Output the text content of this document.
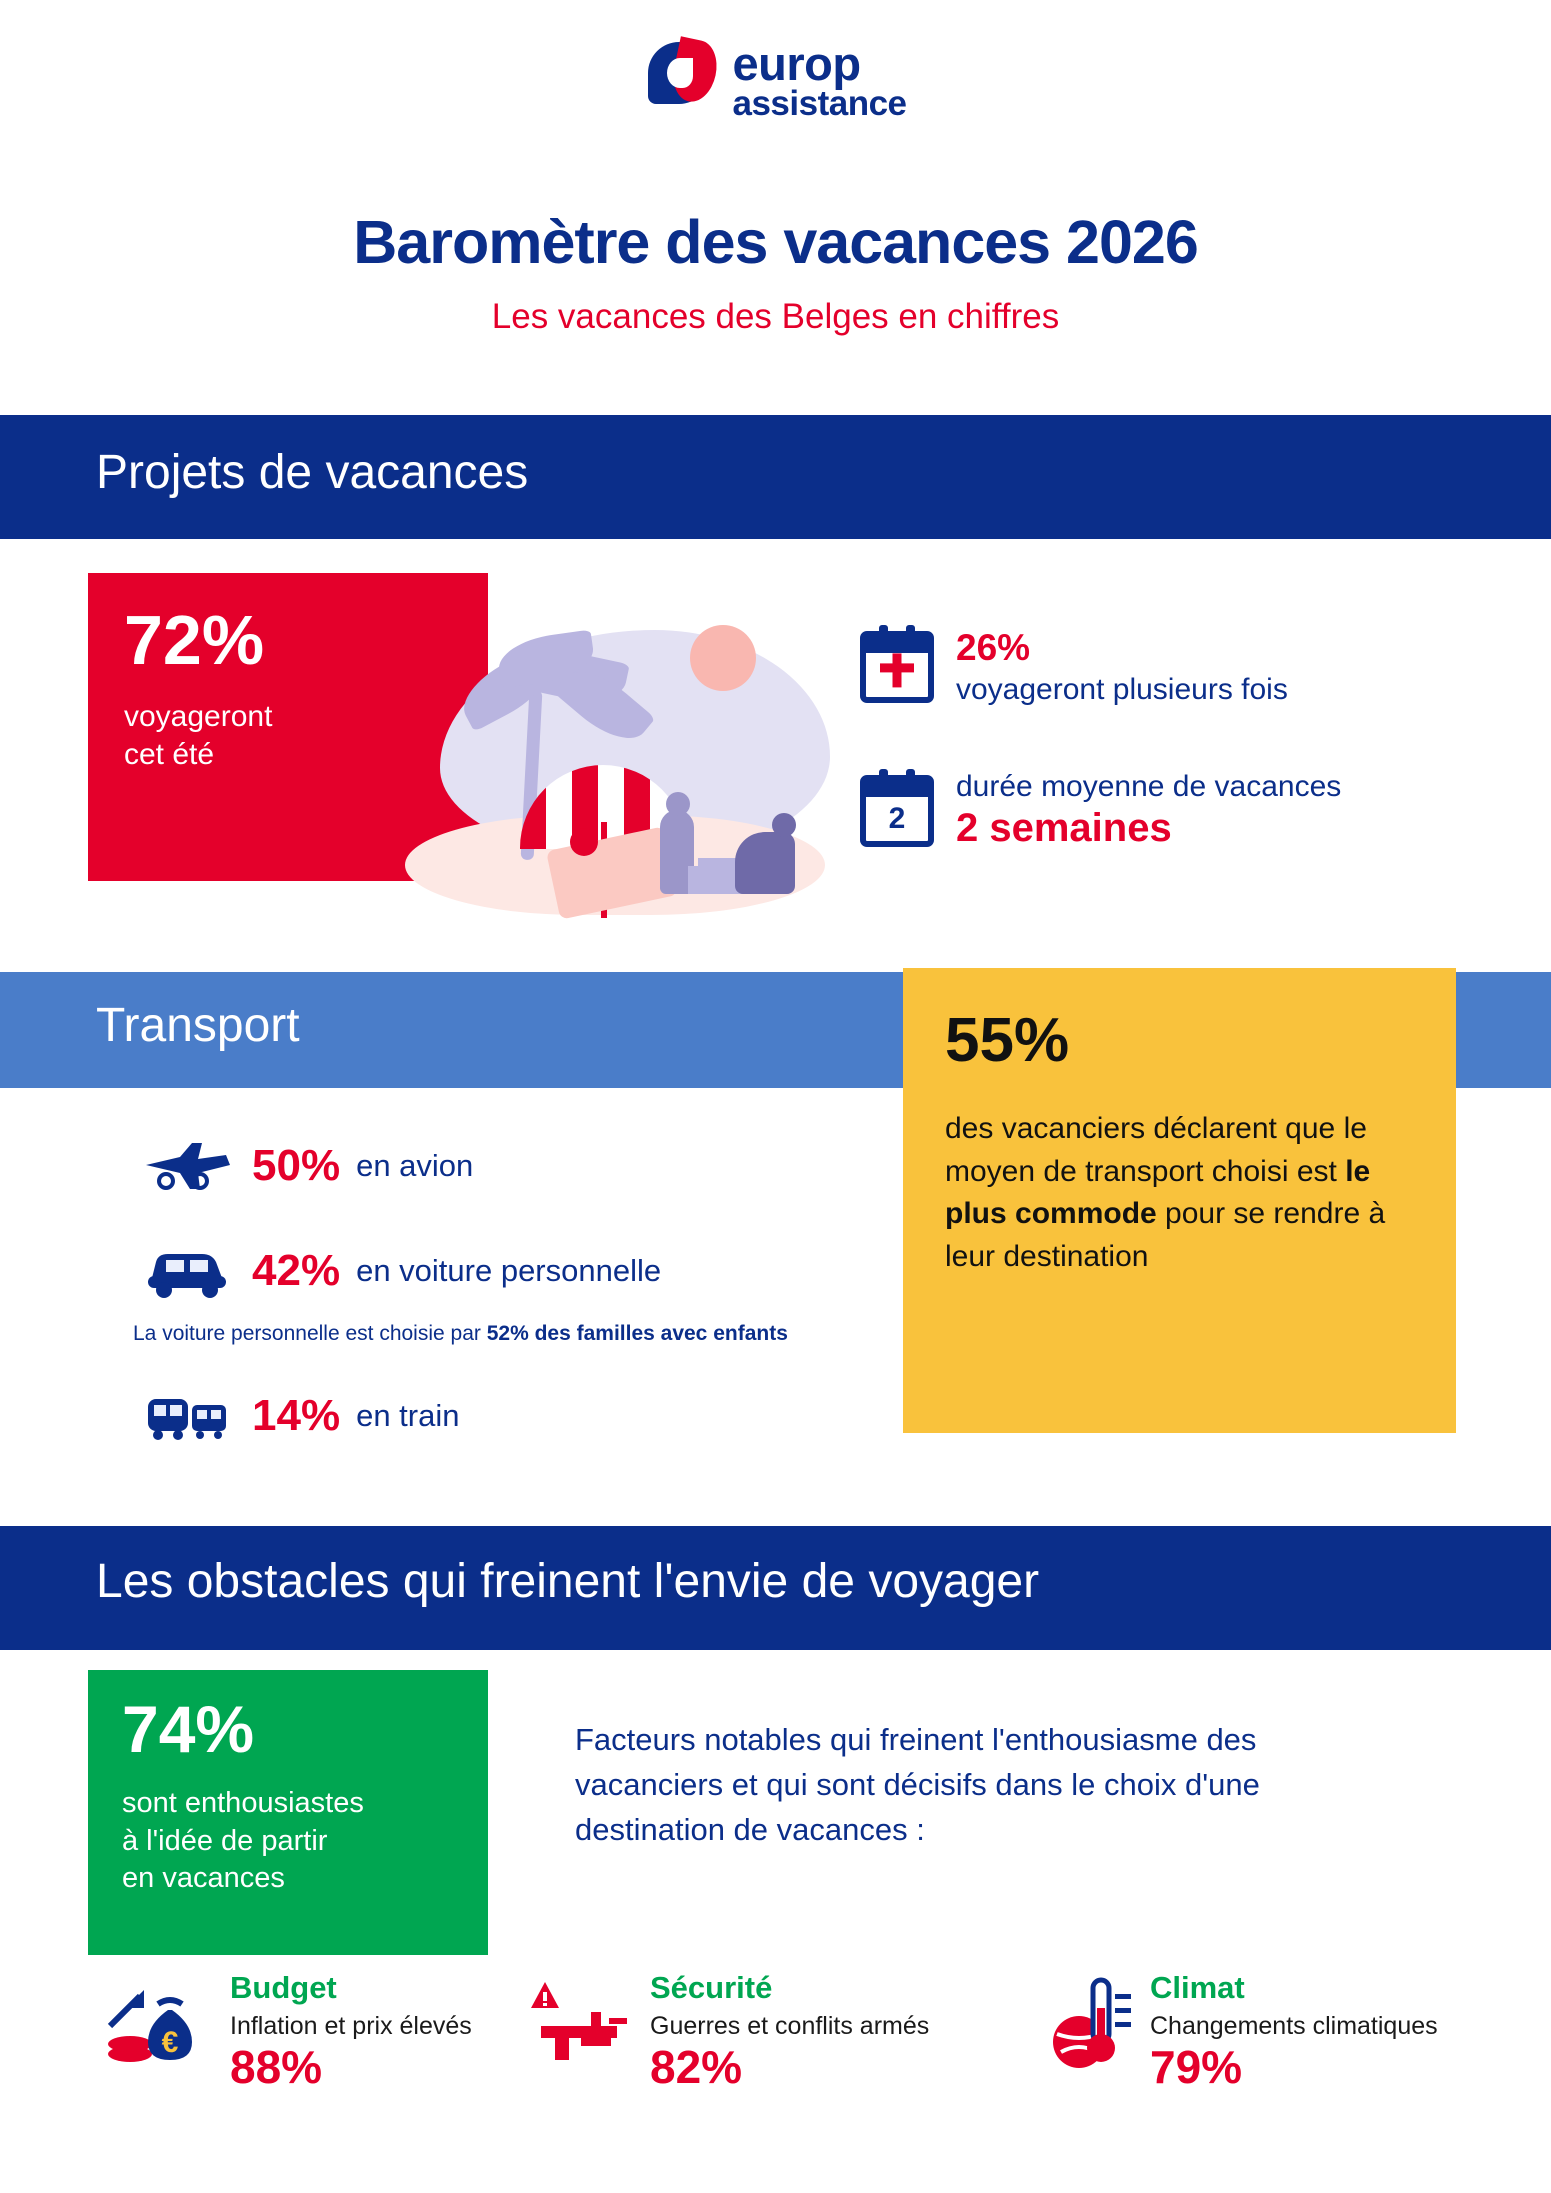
europ
assistance
Baromètre des vacances 2026
Les vacances des Belges en chiffres
Projets de vacances
72%
voyageront
cet été
26%
voyageront plusieurs fois
2
durée moyenne de vacances
2 semaines
Transport	55%
des vacanciers déclarent que le moyen de transport choisi est le plus commode pour se rendre à leur destination
50% en avion
42% en voiture personnelle
La voiture personnelle est choisie par 52% des familles avec enfants
14% en train
Les obstacles qui freinent l'envie de voyager
74%
sont enthousiastes
à l'idée de partir
en vacances
Facteurs notables qui freinent l'enthousiasme des vacanciers et qui sont décisifs dans le choix d'une destination de vacances :
€
Budget
Inflation et prix élevés
88%
Sécurité
Guerres et conflits armés
82%
Climat
Changements climatiques
79%
